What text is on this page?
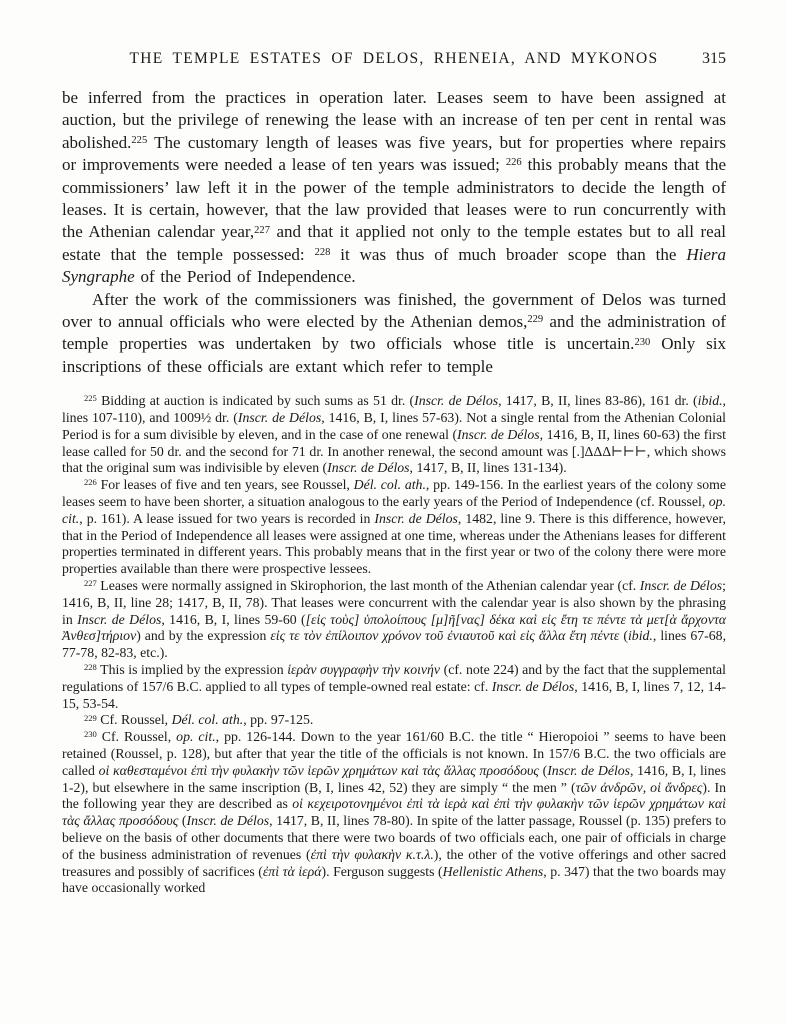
THE TEMPLE ESTATES OF DELOS, RHENEIA, AND MYKONOS	315

be inferred from the practices in operation later. Leases seem to have been assigned at auction, but the privilege of renewing the lease with an increase of ten per cent in rental was abolished.$^{225}$ The customary length of leases was five years, but for properties where repairs or improvements were needed a lease of ten years was issued; $^{226}$ this probably means that the commissioners’ law left it in the power of the temple administrators to decide the length of leases. It is certain, however, that the law provided that leases were to run concurrently with the Athenian calendar year,$^{227}$ and that it applied not only to the temple estates but to all real estate that the temple possessed: $^{228}$ it was thus of much broader scope than the Hiera Syngraphe of the Period of Independence.

After the work of the commissioners was finished, the government of Delos was turned over to annual officials who were elected by the Athenian demos,$^{229}$ and the administration of temple properties was undertaken by two officials whose title is uncertain.$^{230}$ Only six inscriptions of these officials are extant which refer to temple

$^{225}$ Bidding at auction is indicated by such sums as 51 dr. (Inscr. de Délos, 1417, B, II, lines 83-86), 161 dr. (ibid., lines 107-110), and 1009½ dr. (Inscr. de Délos, 1416, B, I, lines 57-63). Not a single rental from the Athenian Colonial Period is for a sum divisible by eleven, and in the case of one renewal (Inscr. de Délos, 1416, B, II, lines 60-63) the first lease called for 50 dr. and the second for 71 dr. In another renewal, the second amount was [.]ΔΔΔ⊢⊢⊢, which shows that the original sum was indivisible by eleven (Inscr. de Délos, 1417, B, II, lines 131-134).

$^{226}$ For leases of five and ten years, see Roussel, Dél. col. ath., pp. 149-156. In the earliest years of the colony some leases seem to have been shorter, a situation analogous to the early years of the Period of Independence (cf. Roussel, op. cit., p. 161). A lease issued for two years is recorded in Inscr. de Délos, 1482, line 9. There is this difference, however, that in the Period of Independence all leases were assigned at one time, whereas under the Athenians leases for different properties terminated in different years. This probably means that in the first year or two of the colony there were more properties available than there were prospective lessees.

$^{227}$ Leases were normally assigned in Skirophorion, the last month of the Athenian calendar year (cf. Inscr. de Délos; 1416, B, II, line 28; 1417, B, II, 78). That leases were concurrent with the calendar year is also shown by the phrasing in Inscr. de Délos, 1416, B, I, lines 59-60 ([εἰς τοὺς] ὑπολοίπους [μ]ῆ[νας] δέκα καὶ εἰς ἔτη τε πέντε τὰ μετ[ὰ ἄρχοντα Ἀνθεσ]τήριον) and by the expression εἰς τε τὸν ἐπίλοιπον χρόνον τοῦ ἐνιαυτοῦ καὶ εἰς ἄλλα ἔτη πέντε (ibid., lines 67-68, 77-78, 82-83, etc.).

$^{228}$ This is implied by the expression ἱερὰν συγγραφὴν τὴν κοινήν (cf. note 224) and by the fact that the supplemental regulations of 157/6 B.C. applied to all types of temple-owned real estate: cf. Inscr. de Délos, 1416, B, I, lines 7, 12, 14-15, 53-54.

$^{229}$ Cf. Roussel, Dél. col. ath., pp. 97-125.

$^{230}$ Cf. Roussel, op. cit., pp. 126-144. Down to the year 161/60 B.C. the title “ Hieropoioi ” seems to have been retained (Roussel, p. 128), but after that year the title of the officials is not known. In 157/6 B.C. the two officials are called οἱ καθεσταμένοι ἐπὶ τὴν φυλακὴν τῶν ἱερῶν χρημάτων καὶ τὰς ἄλλας προσόδους (Inscr. de Délos, 1416, B, I, lines 1-2), but elsewhere in the same inscription (B, I, lines 42, 52) they are simply “ the men ” (τῶν ἀνδρῶν, οἱ ἄνδρες). In the following year they are described as οἱ κεχειροτονημένοι ἐπὶ τὰ ἱερὰ καὶ ἐπὶ τὴν φυλακὴν τῶν ἱερῶν χρημάτων καὶ τὰς ἄλλας προσόδους (Inscr. de Délos, 1417, B, II, lines 78-80). In spite of the latter passage, Roussel (p. 135) prefers to believe on the basis of other documents that there were two boards of two officials each, one pair of officials in charge of the business administration of revenues (ἐπὶ τὴν φυλακὴν κ.τ.λ.), the other of the votive offerings and other sacred treasures and possibly of sacrifices (ἐπὶ τὰ ἱερά). Ferguson suggests (Hellenistic Athens, p. 347) that the two boards may have occasionally worked
